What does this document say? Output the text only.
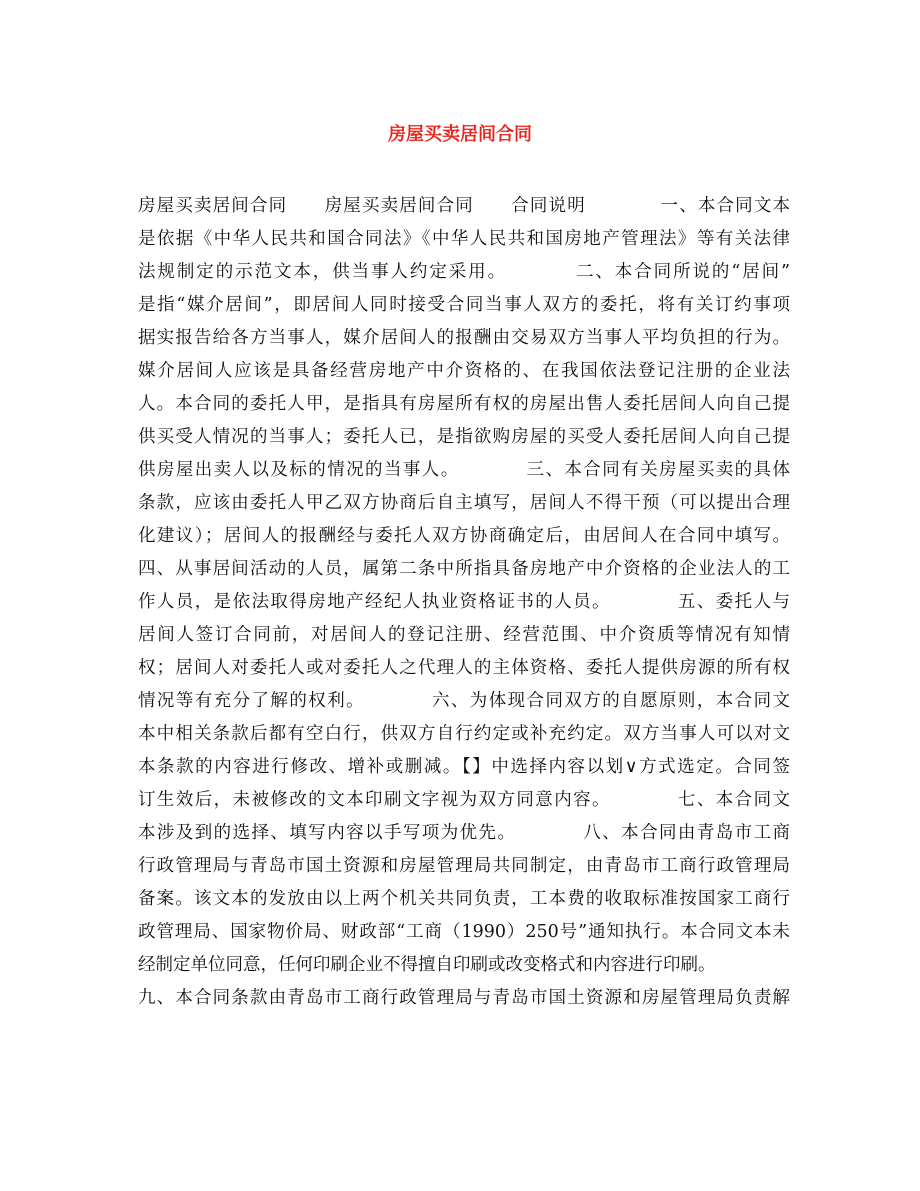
房屋买卖居间合同
房屋买卖居间合同　　房屋买卖居间合同　　合同说明　　　　一、本合同文本
是依据《中华人民共和国合同法》《中华人民共和国房地产管理法》等有关法律
法规制定的示范文本，供当事人约定采用。　　　　二、本合同所说的“居间”
是指“媒介居间”，即居间人同时接受合同当事人双方的委托，将有关订约事项
据实报告给各方当事人，媒介居间人的报酬由交易双方当事人平均负担的行为。
媒介居间人应该是具备经营房地产中介资格的、在我国依法登记注册的企业法
人。本合同的委托人甲，是指具有房屋所有权的房屋出售人委托居间人向自己提
供买受人情况的当事人；委托人已，是指欲购房屋的买受人委托居间人向自己提
供房屋出卖人以及标的情况的当事人。　　　　三、本合同有关房屋买卖的具体
条款，应该由委托人甲乙双方协商后自主填写，居间人不得干预（可以提出合理
化建议）；居间人的报酬经与委托人双方协商确定后，由居间人在合同中填写。
四、从事居间活动的人员，属第二条中所指具备房地产中介资格的企业法人的工
作人员，是依法取得房地产经纪人执业资格证书的人员。　　　　五、委托人与
居间人签订合同前，对居间人的登记注册、经营范围、中介资质等情况有知情
权；居间人对委托人或对委托人之代理人的主体资格、委托人提供房源的所有权
情况等有充分了解的权利。　　　　六、为体现合同双方的自愿原则，本合同文
本中相关条款后都有空白行，供双方自行约定或补充约定。双方当事人可以对文
本条款的内容进行修改、增补或删减。【】中选择内容以划∨方式选定。合同签
订生效后，未被修改的文本印刷文字视为双方同意内容。　　　　七、本合同文
本涉及到的选择、填写内容以手写项为优先。　　　　八、本合同由青岛市工商
行政管理局与青岛市国土资源和房屋管理局共同制定，由青岛市工商行政管理局
备案。该文本的发放由以上两个机关共同负责，工本费的收取标准按国家工商行
政管理局、国家物价局、财政部“工商（1990）250号”通知执行。本合同文本未
经制定单位同意，任何印刷企业不得擅自印刷或改变格式和内容进行印刷。
九、本合同条款由青岛市工商行政管理局与青岛市国土资源和房屋管理局负责解
